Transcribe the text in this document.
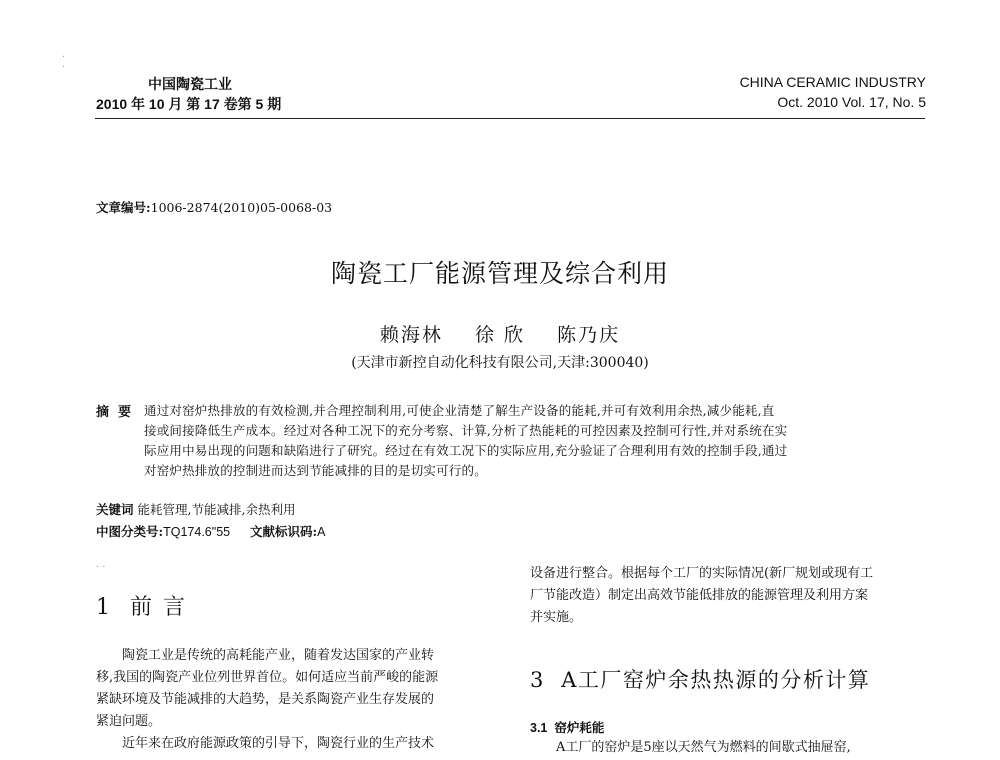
·
·
· ·
中国陶瓷工业
2010 年 10 月 第 17 卷第 5 期
CHINA CERAMIC INDUSTRY
Oct. 2010 Vol. 17, No. 5
文章编号:1006-2874(2010)05-0068-03
陶瓷工厂能源管理及综合利用
赖海林    徐 欣    陈乃庆
(天津市新控自动化科技有限公司,天津:300040)
摘  要 通过对窑炉热排放的有效检测,并合理控制利用,可使企业清楚了解生产设备的能耗,并可有效利用余热,减少能耗,直
接或间接降低生产成本。经过对各种工况下的充分考察、计算,分析了热能耗的可控因素及控制可行性,并对系统在实
际应用中易出现的问题和缺陷进行了研究。经过在有效工况下的实际应用,充分验证了合理利用有效的控制手段,通过
对窑炉热排放的控制进而达到节能减排的目的是切实可行的。
关键词 能耗管理,节能减排,余热利用
中图分类号:TQ174.6"55 文献标识码:A
1  前 言
陶瓷工业是传统的高耗能产业，随着发达国家的产业转
移,我国的陶瓷产业位列世界首位。如何适应当前严峻的能源
紧缺环境及节能减排的大趋势，是关系陶瓷产业生存发展的
紧迫问题。
近年来在政府能源政策的引导下，陶瓷行业的生产技术
设备进行整合。根据每个工厂的实际情况(新厂规划或现有工
厂节能改造）制定出高效节能低排放的能源管理及利用方案
并实施。
3  A工厂窑炉余热热源的分析计算
3.1  窑炉耗能
A工厂的窑炉是5座以天然气为燃料的间歇式抽屉窑,
